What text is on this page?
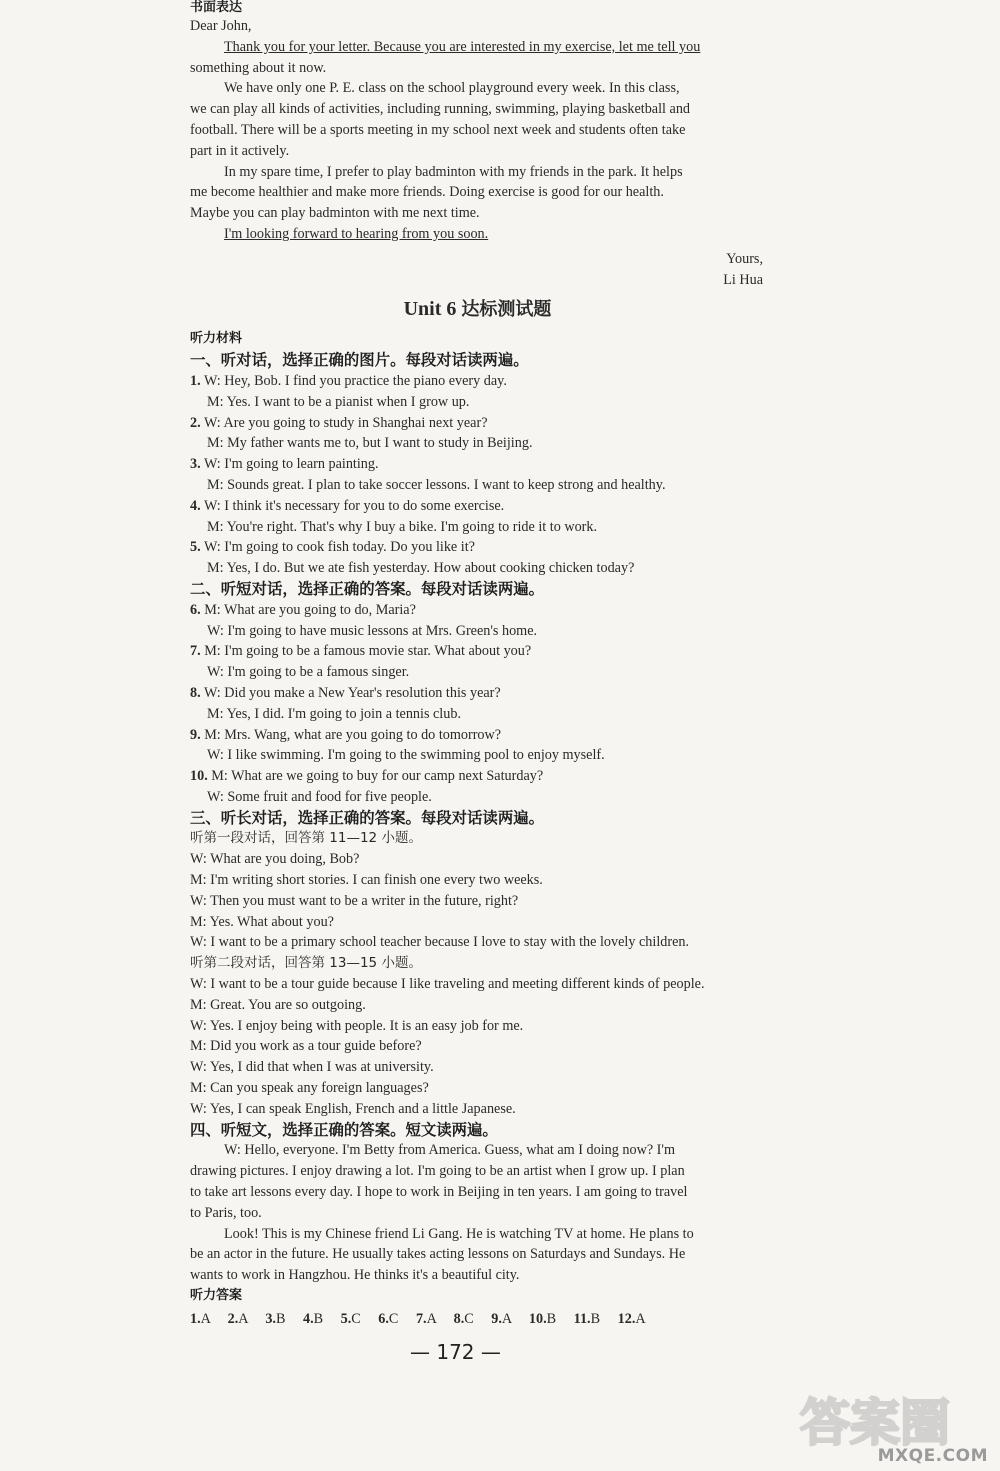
书面表达
Dear John,
Thank you for your letter. Because you are interested in my exercise, let me tell you
something about it now.
We have only one P. E. class on the school playground every week. In this class,
we can play all kinds of activities, including running, swimming, playing basketball and
football. There will be a sports meeting in my school next week and students often take
part in it actively.
In my spare time, I prefer to play badminton with my friends in the park. It helps
me become healthier and make more friends. Doing exercise is good for our health.
Maybe you can play badminton with me next time.
I'm looking forward to hearing from you soon.
Yours,
Li Hua
Unit 6 达标测试题
听力材料
一、听对话，选择正确的图片。每段对话读两遍。
1. W: Hey, Bob. I find you practice the piano every day.
M: Yes. I want to be a pianist when I grow up.
2. W: Are you going to study in Shanghai next year?
M: My father wants me to, but I want to study in Beijing.
3. W: I'm going to learn painting.
M: Sounds great. I plan to take soccer lessons. I want to keep strong and healthy.
4. W: I think it's necessary for you to do some exercise.
M: You're right. That's why I buy a bike. I'm going to ride it to work.
5. W: I'm going to cook fish today. Do you like it?
M: Yes, I do. But we ate fish yesterday. How about cooking chicken today?
二、听短对话，选择正确的答案。每段对话读两遍。
6. M: What are you going to do, Maria?
W: I'm going to have music lessons at Mrs. Green's home.
7. M: I'm going to be a famous movie star. What about you?
W: I'm going to be a famous singer.
8. W: Did you make a New Year's resolution this year?
M: Yes, I did. I'm going to join a tennis club.
9. M: Mrs. Wang, what are you going to do tomorrow?
W: I like swimming. I'm going to the swimming pool to enjoy myself.
10. M: What are we going to buy for our camp next Saturday?
W: Some fruit and food for five people.
三、听长对话，选择正确的答案。每段对话读两遍。
听第一段对话，回答第 11—12 小题。
W: What are you doing, Bob?
M: I'm writing short stories. I can finish one every two weeks.
W: Then you must want to be a writer in the future, right?
M: Yes. What about you?
W: I want to be a primary school teacher because I love to stay with the lovely children.
听第二段对话，回答第 13—15 小题。
W: I want to be a tour guide because I like traveling and meeting different kinds of people.
M: Great. You are so outgoing.
W: Yes. I enjoy being with people. It is an easy job for me.
M: Did you work as a tour guide before?
W: Yes, I did that when I was at university.
M: Can you speak any foreign languages?
W: Yes, I can speak English, French and a little Japanese.
四、听短文，选择正确的答案。短文读两遍。
W: Hello, everyone. I'm Betty from America. Guess, what am I doing now? I'm
drawing pictures. I enjoy drawing a lot. I'm going to be an artist when I grow up. I plan
to take art lessons every day. I hope to work in Beijing in ten years. I am going to travel
to Paris, too.
Look! This is my Chinese friend Li Gang. He is watching TV at home. He plans to
be an actor in the future. He usually takes acting lessons on Saturdays and Sundays. He
wants to work in Hangzhou. He thinks it's a beautiful city.
听力答案
1.A 2.A 3.B 4.B 5.C 6.C 7.A 8.C 9.A 10.B 11.B 12.A
— 172 —
答案圈
MXQE.COM
